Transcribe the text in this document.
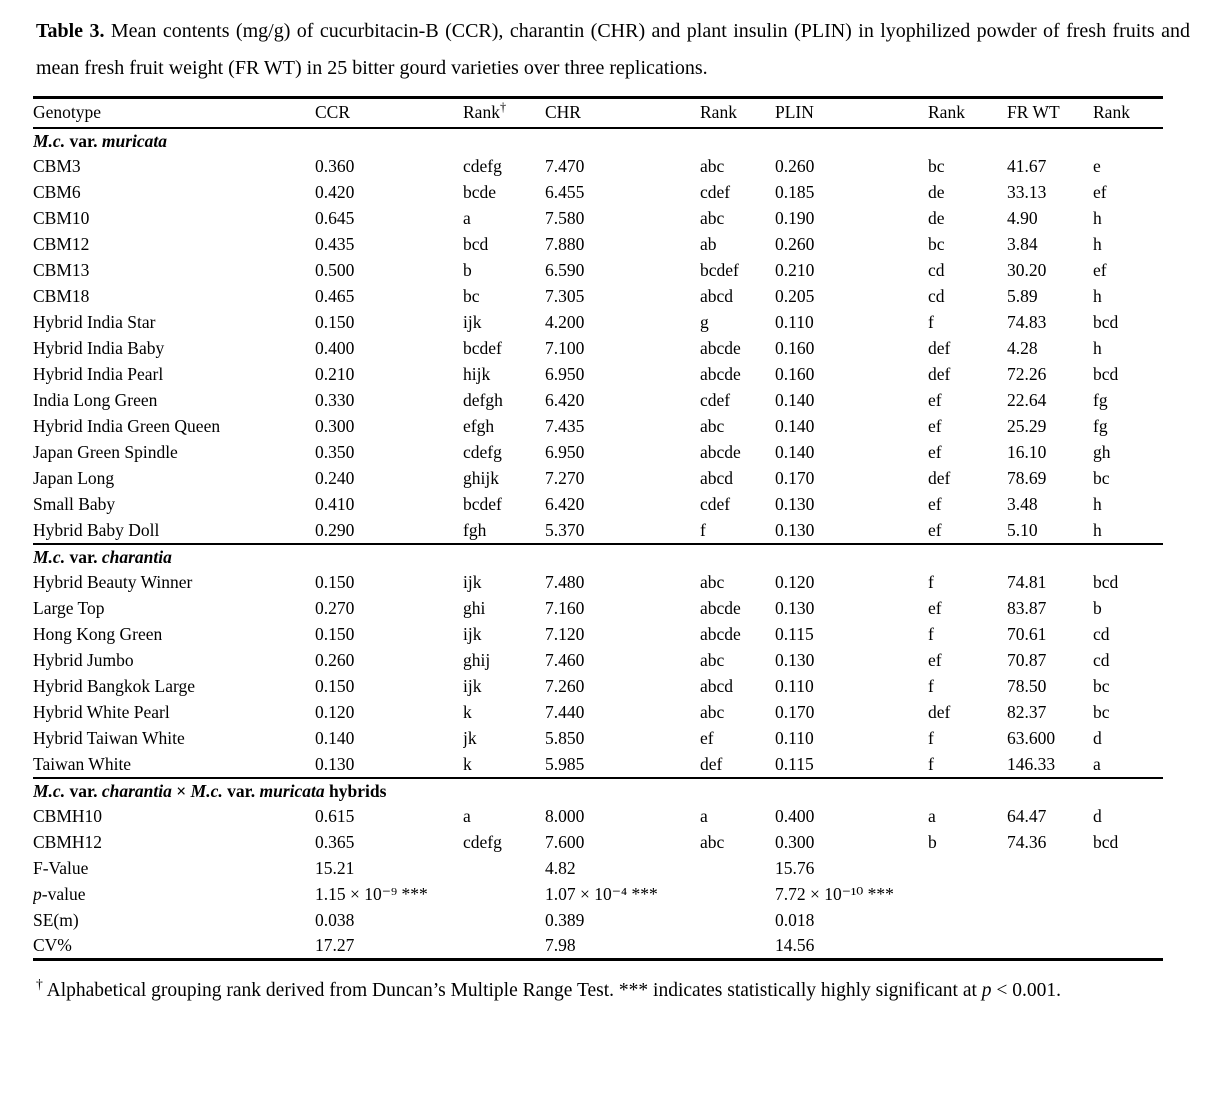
Table 3. Mean contents (mg/g) of cucurbitacin-B (CCR), charantin (CHR) and plant insulin (PLIN) in lyophilized powder of fresh fruits and mean fresh fruit weight (FR WT) in 25 bitter gourd varieties over three replications.

Genotype	CCR	Rank†	CHR	Rank	PLIN	Rank	FR WT	Rank
M.c. var. muricata								
CBM3	0.360	cdefg	7.470	abc	0.260	bc	41.67	e
CBM6	0.420	bcde	6.455	cdef	0.185	de	33.13	ef
CBM10	0.645	a	7.580	abc	0.190	de	4.90	h
CBM12	0.435	bcd	7.880	ab	0.260	bc	3.84	h
CBM13	0.500	b	6.590	bcdef	0.210	cd	30.20	ef
CBM18	0.465	bc	7.305	abcd	0.205	cd	5.89	h
Hybrid India Star	0.150	ijk	4.200	g	0.110	f	74.83	bcd
Hybrid India Baby	0.400	bcdef	7.100	abcde	0.160	def	4.28	h
Hybrid India Pearl	0.210	hijk	6.950	abcde	0.160	def	72.26	bcd
India Long Green	0.330	defgh	6.420	cdef	0.140	ef	22.64	fg
Hybrid India Green Queen	0.300	efgh	7.435	abc	0.140	ef	25.29	fg
Japan Green Spindle	0.350	cdefg	6.950	abcde	0.140	ef	16.10	gh
Japan Long	0.240	ghijk	7.270	abcd	0.170	def	78.69	bc
Small Baby	0.410	bcdef	6.420	cdef	0.130	ef	3.48	h
Hybrid Baby Doll	0.290	fgh	5.370	f	0.130	ef	5.10	h
M.c. var. charantia								
Hybrid Beauty Winner	0.150	ijk	7.480	abc	0.120	f	74.81	bcd
Large Top	0.270	ghi	7.160	abcde	0.130	ef	83.87	b
Hong Kong Green	0.150	ijk	7.120	abcde	0.115	f	70.61	cd
Hybrid Jumbo	0.260	ghij	7.460	abc	0.130	ef	70.87	cd
Hybrid Bangkok Large	0.150	ijk	7.260	abcd	0.110	f	78.50	bc
Hybrid White Pearl	0.120	k	7.440	abc	0.170	def	82.37	bc
Hybrid Taiwan White	0.140	jk	5.850	ef	0.110	f	63.600	d
Taiwan White	0.130	k	5.985	def	0.115	f	146.33	a
M.c. var. charantia × M.c. var. muricata hybrids								
CBMH10	0.615	a	8.000	a	0.400	a	64.47	d
CBMH12	0.365	cdefg	7.600	abc	0.300	b	74.36	bcd
F-Value	15.21		4.82		15.76			
p-value	1.15 × 10⁻⁹ ***		1.07 × 10⁻⁴ ***		7.72 × 10⁻¹⁰ ***			
SE(m)	0.038		0.389		0.018			
CV%	17.27		7.98		14.56			

† Alphabetical grouping rank derived from Duncan’s Multiple Range Test. *** indicates statistically highly significant at p < 0.001.
